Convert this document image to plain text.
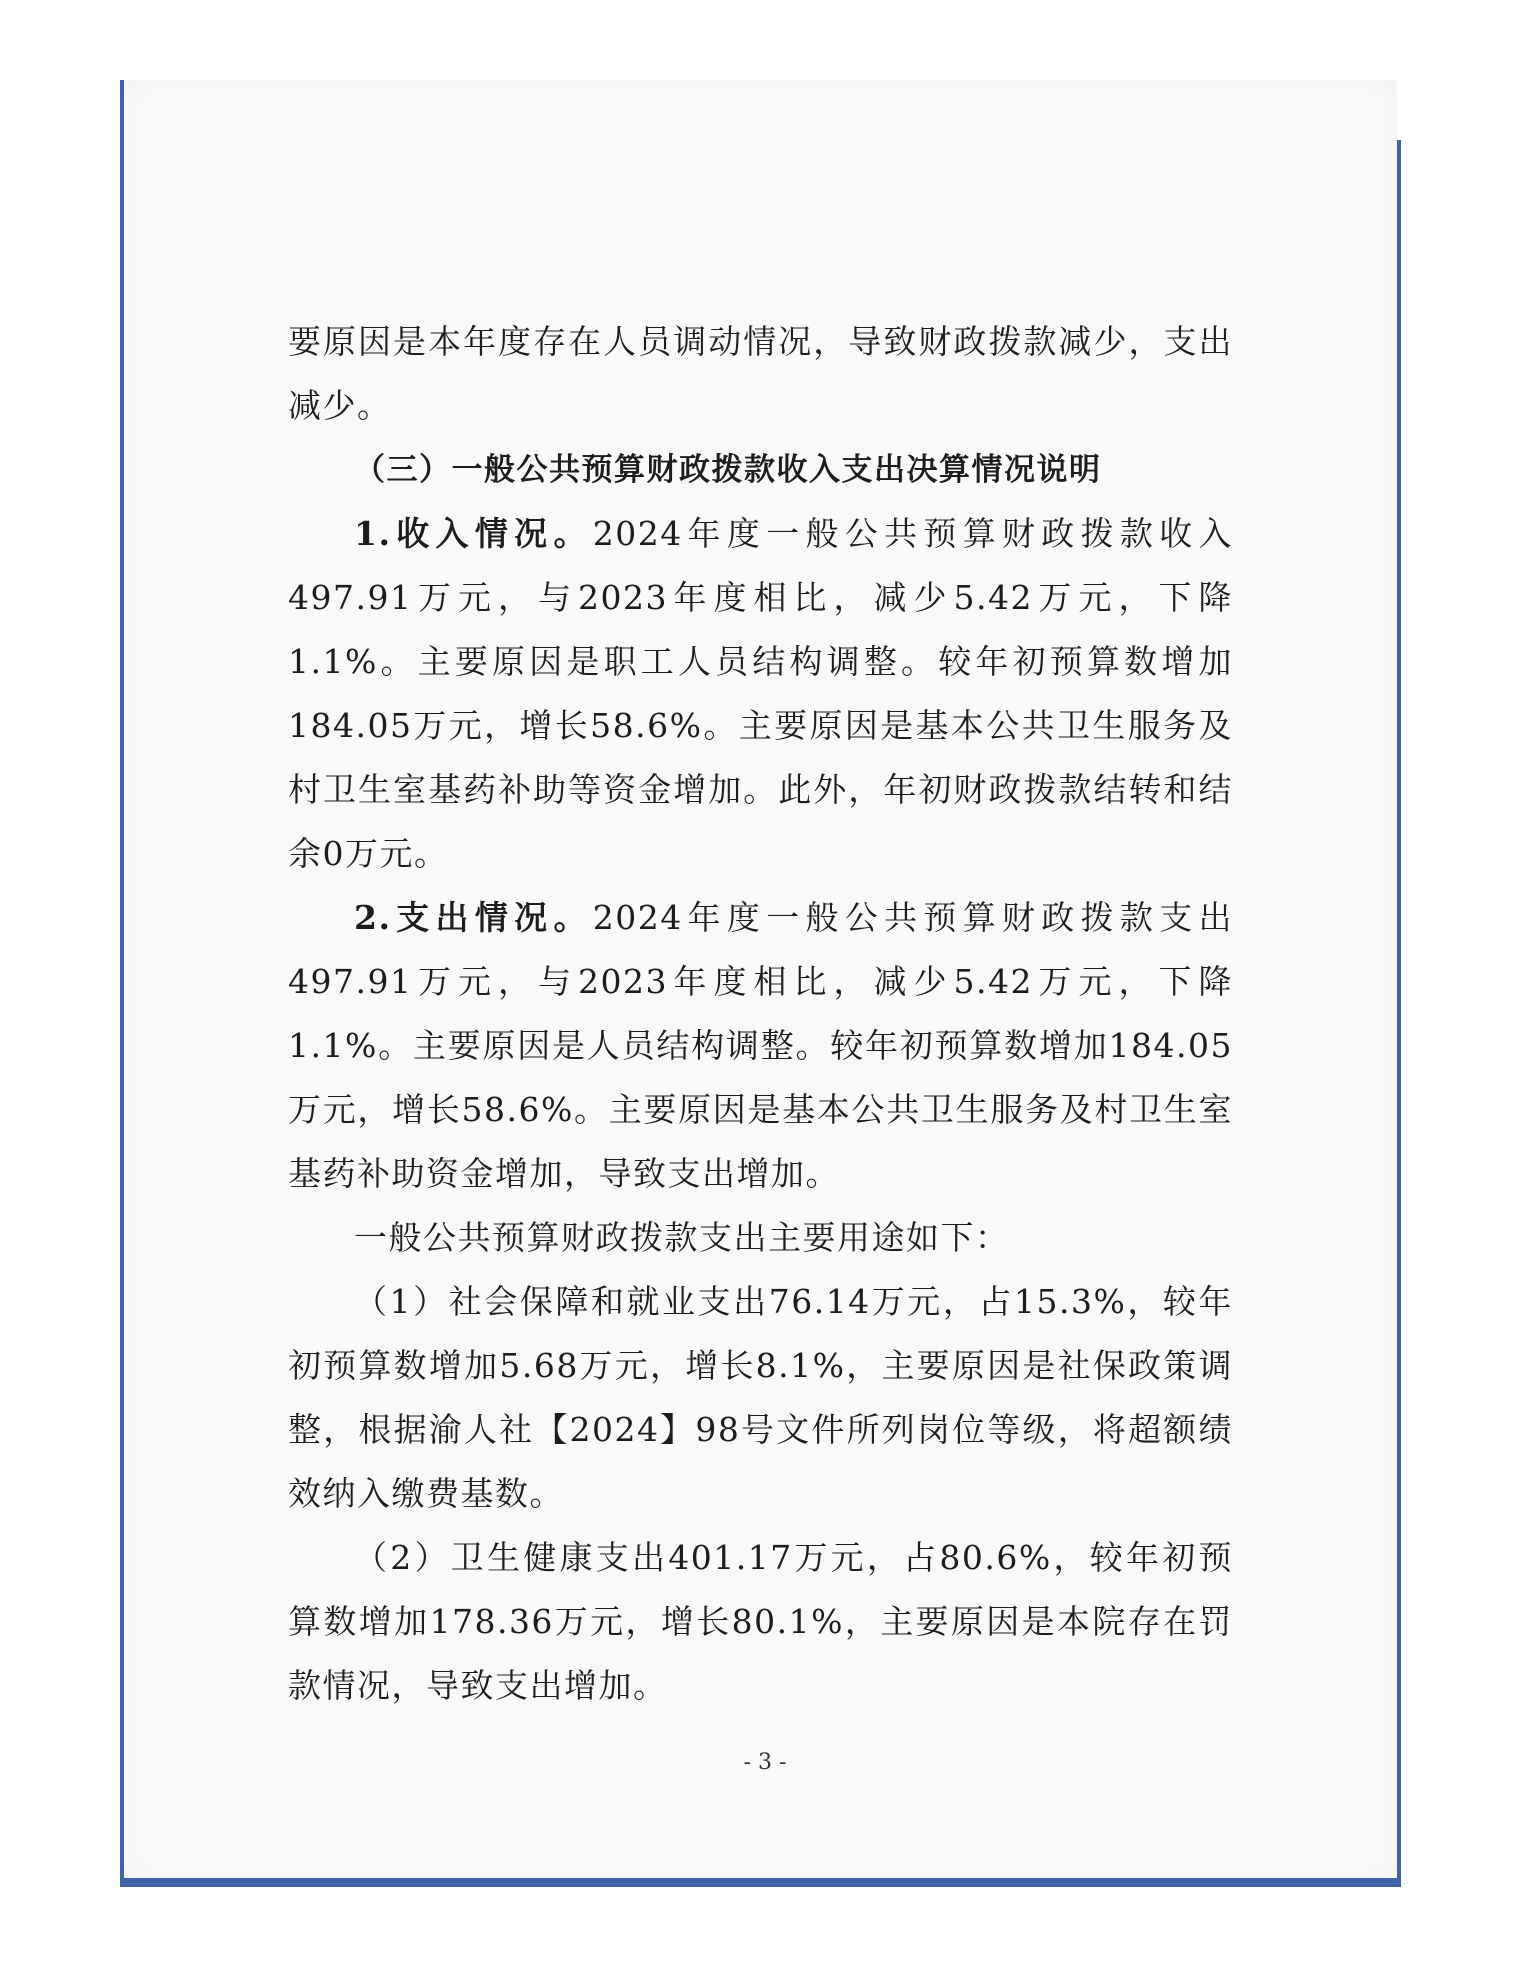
要原因是本年度存在人员调动情况，导致财政拨款减少，支出减少。

（三）一般公共预算财政拨款收入支出决算情况说明

1.收入情况。2024年度一般公共预算财政拨款收入497.91万元，与2023年度相比，减少5.42万元，下降1.1%。主要原因是职工人员结构调整。较年初预算数增加184.05万元，增长58.6%。主要原因是基本公共卫生服务及村卫生室基药补助等资金增加。此外，年初财政拨款结转和结余0万元。

2.支出情况。2024年度一般公共预算财政拨款支出497.91万元，与2023年度相比，减少5.42万元，下降1.1%。主要原因是人员结构调整。较年初预算数增加184.05万元，增长58.6%。主要原因是基本公共卫生服务及村卫生室基药补助资金增加，导致支出增加。

一般公共预算财政拨款支出主要用途如下：

（1）社会保障和就业支出76.14万元，占15.3%，较年初预算数增加5.68万元，增长8.1%，主要原因是社保政策调整，根据渝人社【2024】98号文件所列岗位等级，将超额绩效纳入缴费基数。

（2）卫生健康支出401.17万元，占80.6%，较年初预算数增加178.36万元，增长80.1%，主要原因是本院存在罚款情况，导致支出增加。

- 3 -
